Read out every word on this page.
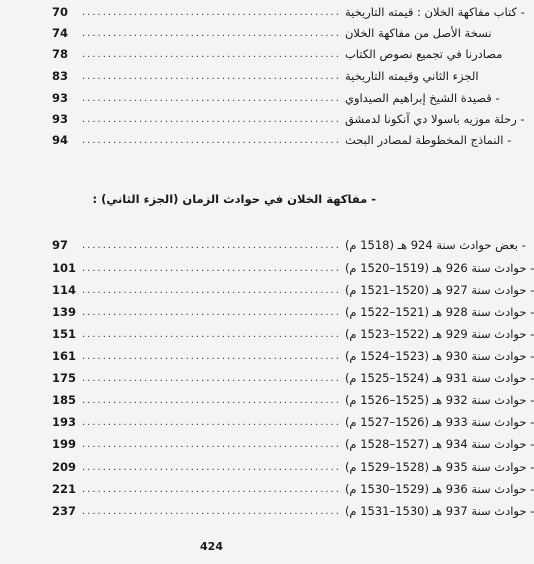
70	.................................................. - كتاب مفاكهة الخلان : قيمته التاريخية
74	.................................................. نسخة الأصل من مفاكهة الخلان
78	.................................................. مصادرنا في تجميع نصوص الكتاب
83	.................................................. الجزء الثاني وقيمته التاريخية
93	.................................................. - قصيدة الشيخ إبراهيم الصيداوي
93	.................................................. - رحلة موزيه باسولا دي آنكونا لدمشق
94	.................................................. - النماذج المخطوطة لمصادر البحث
- مفاكهة الخلان في حوادث الزمان (الجزء الثاني) :
97	.................................................. - بعض حوادث سنة 924 هـ (1518 م)
101 .................................................. - حوادث سنة 926 هـ (1519–1520 م)
114 .................................................. - حوادث سنة 927 هـ (1520–1521 م)
139 .................................................. - حوادث سنة 928 هـ (1521–1522 م)
151 .................................................. - حوادث سنة 929 هـ (1522–1523 م)
161 .................................................. - حوادث سنة 930 هـ (1523–1524 م)
175 .................................................. - حوادث سنة 931 هـ (1524–1525 م)
185 .................................................. - حوادث سنة 932 هـ (1525–1526 م)
193 .................................................. - حوادث سنة 933 هـ (1526–1527 م)
199 .................................................. - حوادث سنة 934 هـ (1527–1528 م)
209 .................................................. - حوادث سنة 935 هـ (1528–1529 م)
221 .................................................. - حوادث سنة 936 هـ (1529–1530 م)
237 .................................................. - حوادث سنة 937 هـ (1530–1531 م)
424
